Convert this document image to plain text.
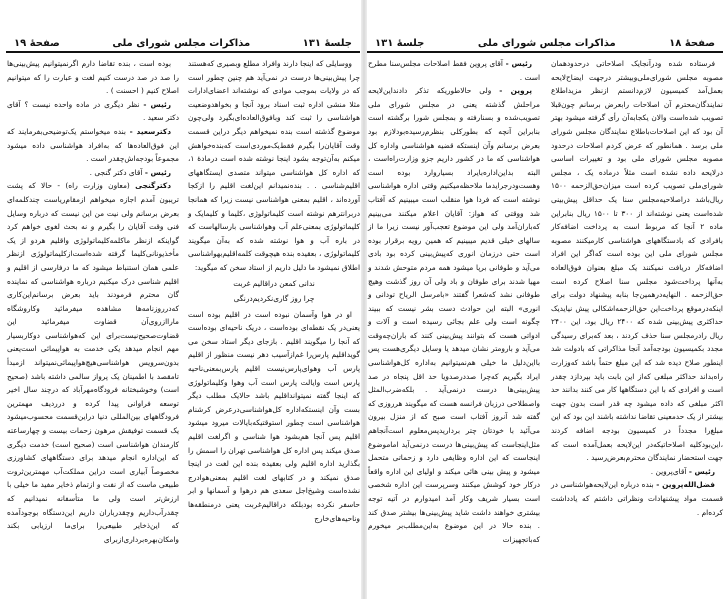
جلسهٔ ۱۳۱
مذاکرات مجلس شورای ملی
صفحهٔ ۱۹

ووسایلی که اینجا دارند وافراد مطلع وبصیری که‌هستند چرا پیش‌بینی‌ها درست در نمی‌آید هم چنین چطور است که در ولایات بموجب موادی که نوشته‌اند اعضای‌ادارات مثلا منشی اداره ثبت اسناد برود آنجا و بخواهدوضعیت هواشناسی را ثبت کند وبافوق‌العاده‌ای‌بگیرد ولی‌چون موضوع گذشته است بنده نمیخواهم دیگر دراین قسمت وقت آقایان‌را بگیرم فقط‌یک‌موردی‌است که‌بنده‌خواهش میکنم به‌آن‌توجه بشود اینجا نوشته شده است درمادهٔ ۱، که اداره کل هواشناسی میتواند متصدی ایستگاههای اقلیم‌شناسی . . بنده‌نمیدانم این‌لغت اقلیم را ازکجا آورده‌اند ، اقلیم بمعنی هواشناسی نیست زیرا که همانجا دربرانترهم نوشته است کلیماتولوژی ،کلیما و کلیمایک و کلیماتولوژی بمعنی‌علم آب وهواشناسی بارسالهاست که در باره آب و هوا نوشته شده که به‌آن میگویند کلیماتولوژی ، بعقیده بنده هیچوقت کلمه‌اقلیم‌بهواشناسی اطلاق نمیشود ما دلیل داریم از استاد سخن که میگوید:

ندانی کمعن دراقالیم غربت
چرا روز گاری‌نکردیم‌درنگی

او در هوا وآسمان نبوده است در اقلیم بوده است یعنی‌در یک نقطه‌ای بوده‌است ، دریک ناحیه‌ای بوده‌است که آنجا را میگویند اقلیم . بازجای دیگر استاد سخن می گوید‌اقلیم پارس‌را غم‌ازآسیب دهر نیست منظور از اقلیم پارس آب وهوای‌پارس‌نیست اقلیم پارس‌بمعنی‌ناحیه پارس است وایالت پارس است آب وهوا وکلیماتولوژی که اینجا گفته نمیتوانداقلیم باشد حالایک مطلب دیگر بست وآن اینستکه‌اداره کل‌هواشناسی‌درعرض کرشنام هواشناسی است چطور استوقتیکه‌بایالات میرود میشود اقلیم پس آنجا هم‌بشود هوا شناسی و اگرلغت اقلیم صدق میکند پس اداره کل هواشناسی تهران را اسمش را بگذارید اداره اقلیم ولی بعقیده بنده این لغت در اینجا صدق نمیکند و در کتابهای لغت اقلیم بمعنی‌هوادرج نشده‌است وشیخ‌اجل سعدی هم درهوا و آسمانها و ابر حاسفر نکرده بودبلکه دراقالیم‌غربت یعنی درمنطقه‌ها وناحیه‌های‌خارج

بوده است ، بنده تقاضا دارم اگرنمیتوانیم پیش‌بینی‌ها را صد در صد درست کنیم لغت و عبارت را که میتوانیم اصلاح کنیم ( احسنت ) .

رئیس - نظر دیگری در ماده واحده نیست ؟ آقای دکتر سعید .

دکترسعید - بنده میخواستم یک‌توضیحی‌بفرمایند که این فوق‌العاده‌ها که به‌افراد هواشناسی داده میشود مجموعاً بودجه‌اش‌چقدر است .

رئیس - آقای دکتر گنجی .

دکترگنجی (معاون وزارت راه) - حالا که پشت تریبون آمدم اجازه میخواهم ازمقام‌ریاست چندکلمه‌ای بعرض برسانم ولی نیت من این نیست که درباره وسایل فنی وقت آقایان را بگیرم و نه بحث لغوی خواهم کرد گواینکه ازنظر ماکلمه‌کلیماتولوژی واقلیم هردو از یک مأخذیونانی‌کلیما گرفته شده‌است‌ازکلیماتولوژی ازنظر علمی همان استنباط میشود که ما درفارسی از اقلیم و اقلیم شناسی درک میکنیم درباره هواشناسی که نماینده گان محترم فرمودند باید بعرض برسانم‌این‌کاری که‌درروزنامه‌ها مشاهده میفرمائید وکاروشگاه ماراازروی‌آن قضاوت میفرمائید این قضاوت‌صحیح‌نیست‌برای این که‌هواشناسی دوکاربسیار مهم انجام میدهد یکی خدمت به هواپیمائی است‌یعنی بدون‌سرویس هواشناسی‌هیچ‌هواپیمائی‌نمیتواند ازمبدأ تامقصد با اطمینان یک پرواز سالمی داشته باشد (صحیح است) وخوشبختانه فرودگاه‌مهرآباد که درچند سال اخیر توسعه فراوانی پیدا کرده و درردیف مهمترین فرودگاههای بین‌المللی دنیا دراین‌قسمت محسوب‌میشود یک قسمت توفیقش مرهون زحمات بیست و چهارساعته کارمندان هواشناسی است (صحیح است) خدمت دیگری که این‌اداره انجام میدهد برای دستگاههای کشاورزی مخصوصاً آبیاری است دراین مملکت‌آب مهمترین‌ثروت طبیعی ماست که از نفت و ازتمام ذخایر مفید ما خیلی با ارزش‌تر است ولی ما متأسفانه نمیدانیم که چقدرآب‌داریم وچقدرباران داریم این‌دستگاه بوجودآمده که این‌ذخایر طبیعی‌را برای‌ما ارزیابی بکند وامکان‌بهره‌برداری‌ازبرای

صفحهٔ ۱۸
مذاکرات مجلس شورای ملی
جلسهٔ ۱۳۱

فرستاده شده ودرآنجایک اصلاحاتی درحدودهمان مصوبه مجلس شورای‌ملی‌وبیشتر درجهت ایضاح‌لایحه بعمل‌آمد کمیسیون لازم‌دانستم ازنظر مزیداطلاع نمایندگان‌محترم آن اصلاحات رابعرض برسانم چون‌قبلا تصویب شده‌است والان یکجابه‌آن رأی گرفته میشود بهتر آن بود که این اصلاحات‌باطلاع نمایندگان مجلس شورای ملی برسد . همانطور که عرض کردم اصلاحات درحدود مصوبه مجلس شورای ملی بود و تغییرات اساسی درلایحه داده نشده است مثلاً درماده یک ، مجلس شورای‌ملی تصویب کرده است میزان‌حق‌الزحمه ۱۵۰۰ ریال‌باشد دراصلاحیه‌مجلس سنا یک حداقل پیش‌بینی شده‌است یعنی نوشته‌اند از ۳۰۰ تا ۱۵۰۰ ریال بنابراین ماده ۲ آنجا که مربوط است به پرداخت اضافه‌کار بافرادی که بادستگاههای هواشناسی کارمیکنند مصوبه مجلس شورای ملی این بوده است که‌اگر این افراد اضافه‌کار دریافت نمیکنند یک مبلغ بعنوان فوق‌العاده به‌آنها پرداخت‌شود مجلس سنا اصلاح کرده است حق‌الزحمه . النهایه‌درهمین‌جا بنابه پیشنهاد دولت برای اینکه‌درموقع پرداخت‌این حق‌الزحمه‌اشکالی پیش نیاید‌یک حداکثری پیش‌بینی شده که ۲۴۰۰ ریال بود، این ۲۴۰۰ ریال رادرمجلس سنا حذف کردند ، بعد که‌برای رسیدگی مجدد بکمیسیون بودجه‌آمد آنجا مذاکراتی که بادولت شد اینطور صلاح دیده شد که این مبلغ حتماً باشد که‌وزارت راه‌بداند حداکثر مبلغی که‌از این بابت باید بپردازد چقدر است و افرادی که با این دستگاهها کار می کنند بدانند حد اکثر مبلغی که داده میشود چه قدر است بدون جهت بیشتر از یک حدمعینی تقاضا نداشته باشند این بود که این مبلغ‌را مجدداً در کمیسیون بودجه اضافه کردند ،این‌بودکلیه اصلاحاتیکه‌در این‌لایحه بعمل‌آمده است که جهت استحضار نمایندگان محترم‌بعرض‌رسید .

رئیس - آقای‌پروین .

فضل‌الله‌پروین - بنده درباره این‌لایحه‌هواشناسی در قسمت مواد پیشنهادات ونظراتی داشتم که یادداشت کرده‌ام .

رئیس - آقای پروین فقط اصلاحات مجلس‌سنا مطرح است .

پروین - ولی حالاطوریکه تذکر دادنداین‌لایحه مراحلش گذشته یعنی در مجلس شورای ملی تصویب‌شده و بسنارفته و بمجلس شورا برگشته است بنابراین آنچه که بطورکلی بنظرم‌رسیده‌بودلازم بود بعرض برسانم وآن اینستکه قضیه هواشناسی واداره کل هواشناسی که ما در کشور داریم جزو وزارت‌راه‌است ، البته بداین‌اداره‌بایراد بسیاروارد بوده است وهست‌ودرجرایدما ملاحظه‌میکنیم وقتی اداره هواشناسی نوشته است که فردا هوا منقلب است میبینیم که آفتاب شد ووقتی که هواز: آقایان اعلام میکنند می‌بینیم که‌باران‌آمد ولی این موضوع تعجب‌آور نیست زیرا ما از سالهای خیلی قدیم میبینیم که همین رویه برقرار بوده است حتی درزمان انوری که‌پیش‌بینی کرده بود بادی می‌آید و طوفانی برپا میشود همه مردم متوحش شدند و مهیا شدند برای طوفان و باد ولی آن روز گذشت وهیچ طوفانی نشد که‌شعرا گفتند «بامرسل الریاح تودانی و انوری» البته این حوادث دست بشر نیست که ببیند چگونه است ولی علم بجائی رسیده است و آلات و ادواتی هست که بتوانند پیش‌بینی کنند که باران‌چه‌وقت می‌آید و بارومتر نشان میدهد یا وسایل دیگری‌هست پس بااین‌دلیل ما خیلی هم‌نمیتوانیم به‌اداره کل‌هواشناسی ایراد بگیریم که‌چرا صددرصدویا حد اقل پنجاه در صد پیش‌بینی‌ها درست درنمی‌آید . بلکه‌ضرب‌المثل واصطلاحی درزبان فرانسه هست که میگویند هرروزی که گفته شد آنروز آفتاب است صبح که از منزل بیرون می‌آئید با خودتان چتر برداریدپس‌معلوم است‌آنجاهم مثل‌اینجاست که پیش‌بینی‌ها درست درنمی‌آید اماموضوع اینجاست که این اداره وظایفی دارد و زحماتی متحمل میشود و پیش بینی هائی میکند و اولیای این اداره واقعاً درکار خود کوشش میکنند وسرپرست این اداره شخصی است بسیار شریف وکار آمد امیدوارم در آتیه توجه بیشتری خواهند داشت شاید پیش‌بینی‌ها بیشتر صدق کند . بنده حالا در این موضوع به‌این‌مطلب‌بر میخورم که‌باتجهیزات
